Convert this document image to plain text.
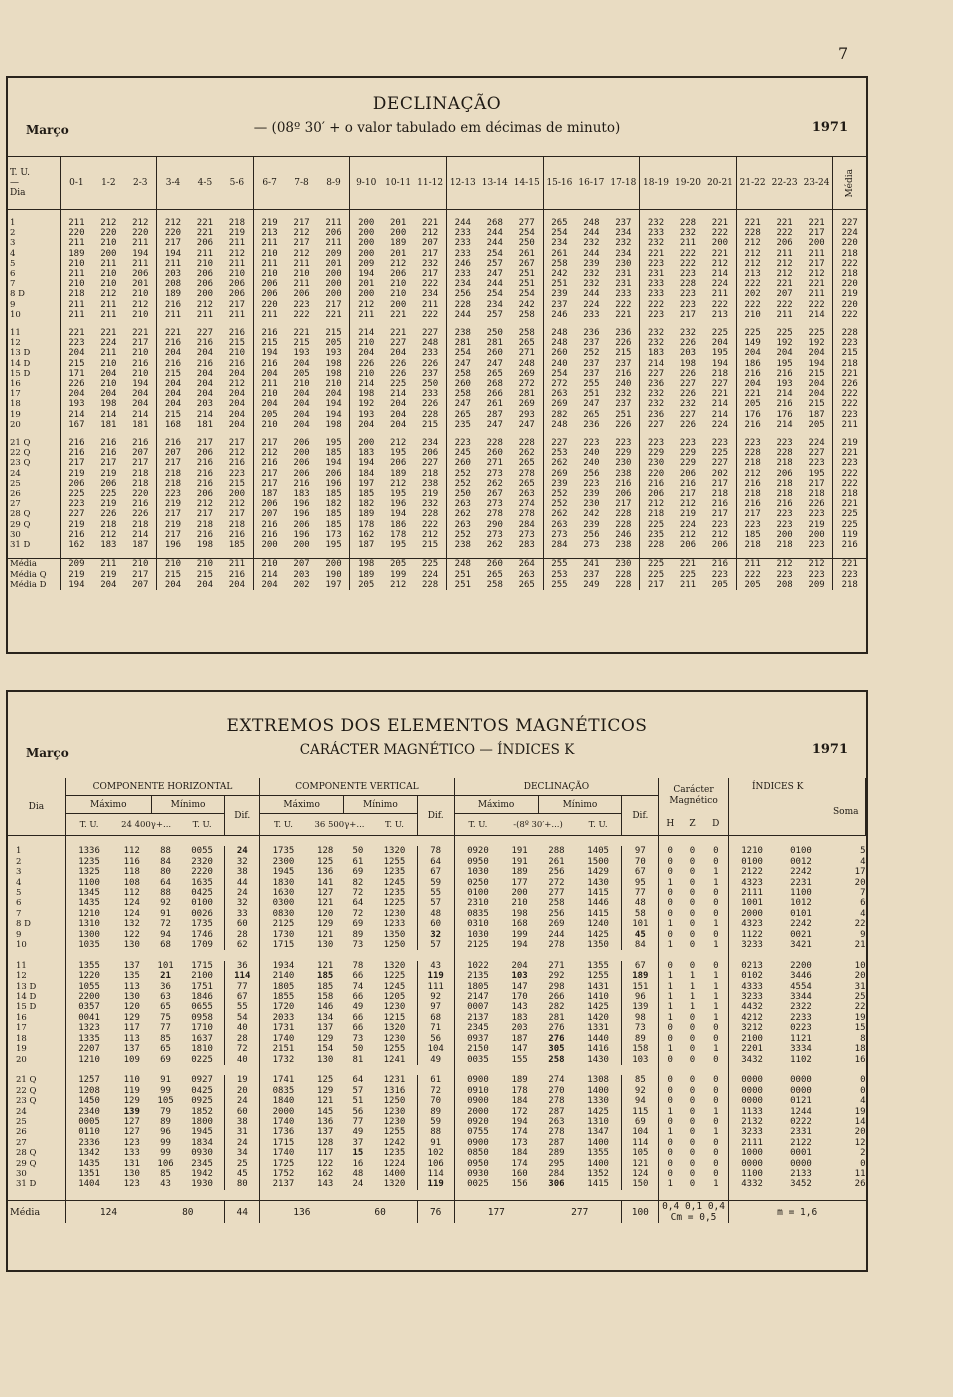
7
DECLINAÇÃO
Março	— (08º 30′ + o valor tabulado em décimas de minuto)	1971
T. U.
—
Dia	0-1	1-2	2-3	3-4	4-5	5-6	6-7	7-8	8-9	9-10	10-11	11-12	12-13	13-14	14-15	15-16	16-17	17-18	18-19	19-20	20-21	21-22	22-23	23-24	Média

1	211	212	212	212	221	218	219	217	211	200	201	221	244	268	277	265	248	237	232	228	221	221	221	221	227
2	220	220	220	220	221	219	213	212	206	200	200	212	233	244	254	254	244	234	233	232	222	228	222	217	224
3	211	210	211	217	206	211	211	217	211	200	189	207	233	244	250	234	232	232	232	211	200	212	206	200	220
4	189	200	194	194	211	212	210	212	209	200	201	217	233	254	261	261	244	234	221	222	221	212	211	211	218
5	210	211	211	211	210	211	211	211	201	209	212	232	246	257	267	258	239	230	223	222	212	212	212	217	222
6	211	210	206	203	206	210	210	210	200	194	206	217	233	247	251	242	232	231	231	223	214	213	212	212	218
7	210	210	201	208	206	206	206	211	200	201	210	222	234	244	251	251	232	231	233	228	224	222	221	221	220
8 D	218	212	210	189	200	206	206	206	200	200	210	234	256	254	254	239	244	233	233	223	211	202	207	211	219
9	211	211	212	216	212	217	220	223	217	212	200	211	228	234	242	237	224	222	222	223	222	222	222	222	220
10	211	211	210	211	211	211	211	222	221	211	221	222	244	257	258	246	233	221	223	217	213	210	211	214	222

11	221	221	221	221	227	216	216	221	215	214	221	227	238	250	258	248	236	236	232	232	225	225	225	225	228
12	223	224	217	216	216	215	215	215	205	210	227	248	281	281	265	248	237	226	232	226	204	149	192	192	223
13 D	204	211	210	204	204	210	194	193	193	204	204	233	254	260	271	260	252	215	183	203	195	204	204	204	215
14 D	215	210	216	216	216	216	216	204	198	226	226	226	247	247	248	240	237	237	214	198	194	186	195	194	218
15 D	171	204	210	215	204	204	204	205	198	210	226	237	258	265	269	254	237	216	227	226	218	216	216	215	221
16	226	210	194	204	204	212	211	210	210	214	225	250	260	268	272	272	255	240	236	227	227	204	193	204	226
17	204	204	204	204	204	204	210	204	204	198	214	233	258	266	281	263	251	232	232	226	221	221	214	204	222
18	193	198	204	204	203	204	204	204	194	192	204	226	247	261	269	269	247	237	232	232	214	205	216	215	222
19	214	214	214	215	214	204	205	204	194	193	204	228	265	287	293	282	265	251	236	227	214	176	176	187	223
20	167	181	181	168	181	204	210	204	198	204	204	215	235	247	247	248	236	226	227	226	224	216	214	205	211

21 Q	216	216	216	216	217	217	217	206	195	200	212	234	223	228	228	227	223	223	223	223	223	223	223	224	219
22 Q	216	216	207	207	206	212	212	200	185	183	195	206	245	260	262	253	240	229	229	229	225	228	228	227	221
23 Q	217	217	217	217	216	216	216	206	194	194	206	227	260	271	265	262	240	230	230	229	227	218	218	223	223
24	219	219	218	218	216	223	217	206	206	184	189	218	252	273	278	269	256	238	220	206	202	212	206	195	222
25	206	206	218	218	216	215	217	216	196	197	212	238	252	262	265	239	223	216	216	216	217	216	218	217	222
26	225	225	220	223	206	200	187	183	185	185	195	219	250	267	263	252	239	206	206	217	218	218	218	218	218
27	223	219	216	219	212	212	206	196	182	182	196	232	263	273	274	252	230	217	212	212	216	216	216	226	221
28 Q	227	226	226	217	217	217	207	196	185	189	194	228	262	278	278	262	242	228	218	219	217	217	223	223	225
29 Q	219	218	218	219	218	218	216	206	185	178	186	222	263	290	284	263	239	228	225	224	223	223	223	219	225
30	216	212	214	217	216	216	216	196	173	162	178	212	252	273	273	273	256	246	235	212	212	185	200	200	119
31 D	162	183	187	196	198	185	200	200	195	187	195	215	238	262	283	284	273	238	228	206	206	218	218	223	216

Média	209	211	210	210	210	211	210	207	200	198	205	225	248	260	264	255	241	230	225	221	216	211	212	212	221
Média Q	219	219	217	215	215	216	214	203	190	189	199	224	251	265	263	253	237	228	225	225	223	222	223	223	223
Média D	194	204	207	204	204	204	204	202	197	205	212	228	251	258	265	255	249	228	217	211	205	205	208	209	218
EXTREMOS DOS ELEMENTOS MAGNÉTICOS
Março	CARÁCTER MAGNÉTICO — ÍNDICES K	1971
Dia	COMPONENTE HORIZONTAL					COMPONENTE VERTICAL					DECLINAÇÃO					Carácter Magnético			ÍNDICES K		Soma
	Máximo		Mínimo		Dif.	Máximo		Mínimo		Dif.	Máximo		Mínimo		Dif.						
	T. U.	24 400γ+...		T. U.		T. U.	36 500γ+...		T. U.		T. U.	-(8º 30′+...)		T. U.		H	Z	D			

1	1336	112	88	0055	24	1735	128	50	1320	78	0920	191	288	1405	97	0	0	0	1210	0100	5
2	1235	116	84	2320	32	2300	125	61	1255	64	0950	191	261	1500	70	0	0	0	0100	0012	4
3	1325	118	80	2220	38	1945	136	69	1235	67	1030	189	256	1429	67	0	0	1	2122	2242	17
4	1100	108	64	1635	44	1830	141	82	1245	59	0250	177	272	1430	95	1	0	1	4323	2231	20
5	1345	112	88	0425	24	1630	127	72	1235	55	0100	200	277	1415	77	0	0	0	2111	1100	7
6	1435	124	92	0100	32	0300	121	64	1225	57	2310	210	258	1446	48	0	0	0	1001	1012	6
7	1210	124	91	0026	33	0830	120	72	1230	48	0835	198	256	1415	58	0	0	0	2000	0101	4
8 D	1310	132	72	1735	60	2125	129	69	1233	60	0310	168	269	1240	101	1	0	1	4323	2242	22
9	1300	122	94	1746	28	1730	121	89	1350	32	1030	199	244	1425	45	0	0	0	1122	0021	9
10	1035	130	68	1709	62	1715	130	73	1250	57	2125	194	278	1350	84	1	0	1	3233	3421	21

11	1355	137	101	1715	36	1934	121	78	1320	43	1022	204	271	1355	67	0	0	0	0213	2200	10
12	1220	135	21	2100	114	2140	185	66	1225	119	2135	103	292	1255	189	1	1	1	0102	3446	20
13 D	1055	113	36	1751	77	1805	185	74	1245	111	1805	147	298	1431	151	1	1	1	4333	4554	31
14 D	2200	130	63	1846	67	1855	158	66	1205	92	2147	170	266	1410	96	1	1	1	3233	3344	25
15 D	0357	120	65	0655	55	1720	146	49	1230	97	0007	143	282	1425	139	1	1	1	4432	2322	22
16	0041	129	75	0958	54	2033	134	66	1215	68	2137	183	281	1420	98	1	0	1	4212	2233	19
17	1323	117	77	1710	40	1731	137	66	1320	71	2345	203	276	1331	73	0	0	0	3212	0223	15
18	1335	113	85	1637	28	1740	129	73	1230	56	0937	187	276	1440	89	0	0	0	2100	1121	8
19	2207	137	65	1810	72	2151	154	50	1255	104	2150	147	305	1416	158	1	0	1	2201	3334	18
20	1210	109	69	0225	40	1732	130	81	1241	49	0035	155	258	1430	103	0	0	0	3432	1102	16

21 Q	1257	110	91	0927	19	1741	125	64	1231	61	0900	189	274	1308	85	0	0	0	0000	0000	0
22 Q	1208	119	99	0425	20	0835	129	57	1316	72	0910	178	270	1400	92	0	0	0	0000	0000	0
23 Q	1450	129	105	0925	24	1840	121	51	1250	70	0900	184	278	1330	94	0	0	0	0000	0121	4
24	2340	139	79	1852	60	2000	145	56	1230	89	2000	172	287	1425	115	1	0	1	1133	1244	19
25	0005	127	89	1800	38	1740	136	77	1230	59	0920	194	263	1310	69	0	0	0	2132	0222	14
26	0110	127	96	1945	31	1736	137	49	1255	88	0755	174	278	1347	104	1	0	1	3233	2331	20
27	2336	123	99	1834	24	1715	128	37	1242	91	0900	173	287	1400	114	0	0	0	2111	2122	12
28 Q	1342	133	99	0930	34	1740	117	15	1235	102	0850	184	289	1355	105	0	0	0	1000	0001	2
29 Q	1435	131	106	2345	25	1725	122	16	1224	106	0950	174	295	1400	121	0	0	0	0000	0000	0
30	1351	130	85	1942	45	1752	162	48	1400	114	0930	160	284	1352	124	0	0	0	1100	2133	11
31 D	1404	123	43	1930	80	2137	143	24	1320	119	0025	156	306	1415	150	1	0	1	4332	3452	26

Média	124		80		44	136		60		76	177		277		100	0,4 0,1 0,4
Cm = 0,5			m = 1,6		
